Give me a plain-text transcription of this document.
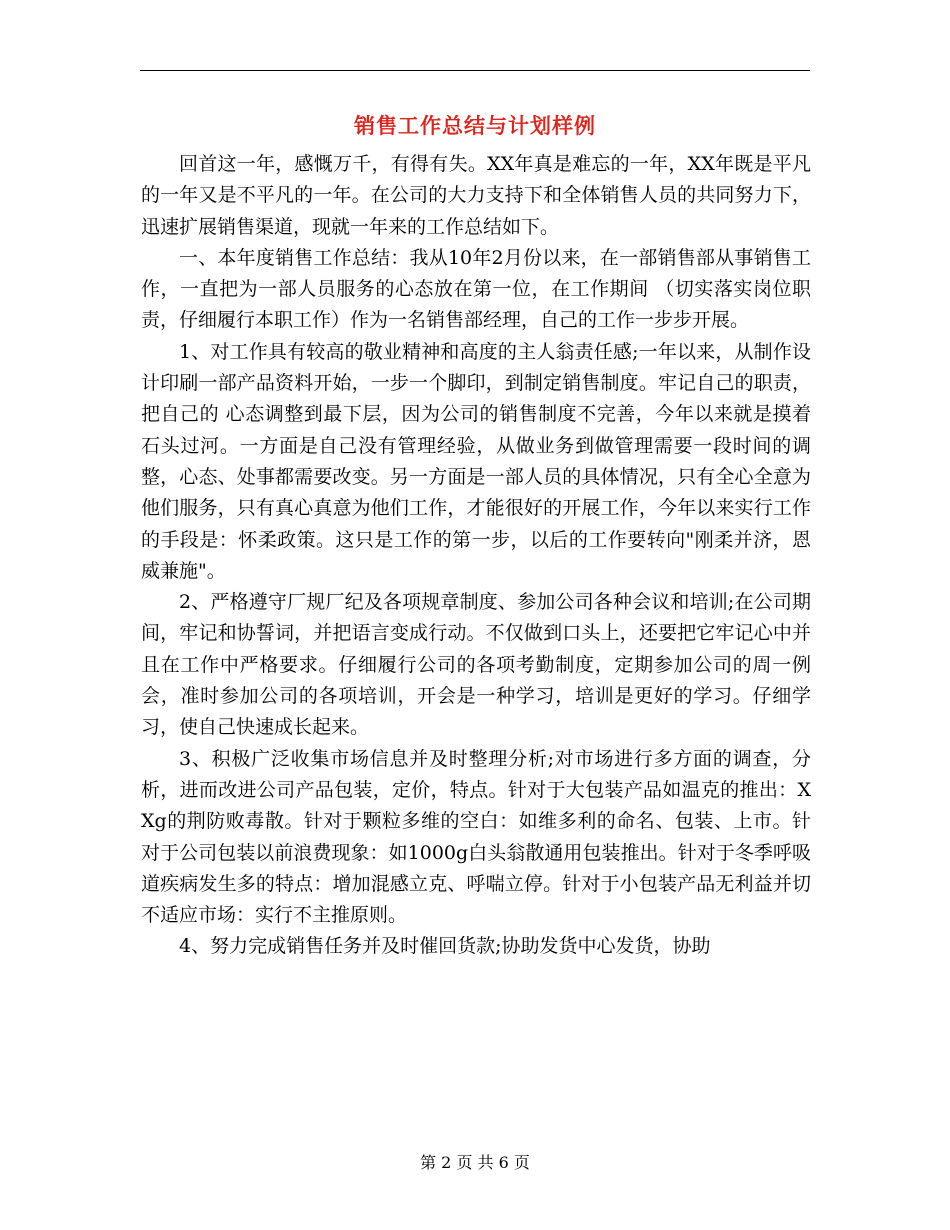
销售工作总结与计划样例

回首这一年，感慨万千，有得有失。XX年真是难忘的一年，XX年既是平凡的一年又是不平凡的一年。在公司的大力支持下和全体销售人员的共同努力下，迅速扩展销售渠道，现就一年来的工作总结如下。

一、本年度销售工作总结：我从10年2月份以来，在一部销售部从事销售工作，一直把为一部人员服务的心态放在第一位，在工作期间 （切实落实岗位职责，仔细履行本职工作）作为一名销售部经理，自己的工作一步步开展。

1、对工作具有较高的敬业精神和高度的主人翁责任感;一年以来，从制作设计印刷一部产品资料开始，一步一个脚印，到制定销售制度。牢记自己的职责，把自己的 心态调整到最下层，因为公司的销售制度不完善，今年以来就是摸着石头过河。一方面是自己没有管理经验，从做业务到做管理需要一段时间的调整，心态、处事都需要改变。另一方面是一部人员的具体情况，只有全心全意为他们服务，只有真心真意为他们工作，才能很好的开展工作，今年以来实行工作的手段是：怀柔政策。这只是工作的第一步，以后的工作要转向"刚柔并济，恩威兼施"。

2、严格遵守厂规厂纪及各项规章制度、参加公司各种会议和培训;在公司期间，牢记和协誓词，并把语言变成行动。不仅做到口头上，还要把它牢记心中并且在工作中严格要求。仔细履行公司的各项考勤制度，定期参加公司的周一例会，准时参加公司的各项培训，开会是一种学习，培训是更好的学习。仔细学习，使自己快速成长起来。

3、积极广泛收集市场信息并及时整理分析;对市场进行多方面的调查，分析，进而改进公司产品包装，定价，特点。针对于大包装产品如温克的推出：XXg的荆防败毒散。针对于颗粒多维的空白：如维多利的命名、包装、上市。针对于公司包装以前浪费现象：如1000g白头翁散通用包装推出。针对于冬季呼吸道疾病发生多的特点：增加混感立克、呼喘立停。针对于小包装产品无利益并切不适应市场：实行不主推原则。

4、努力完成销售任务并及时催回货款;协助发货中心发货，协助

第 2 页 共 6 页
